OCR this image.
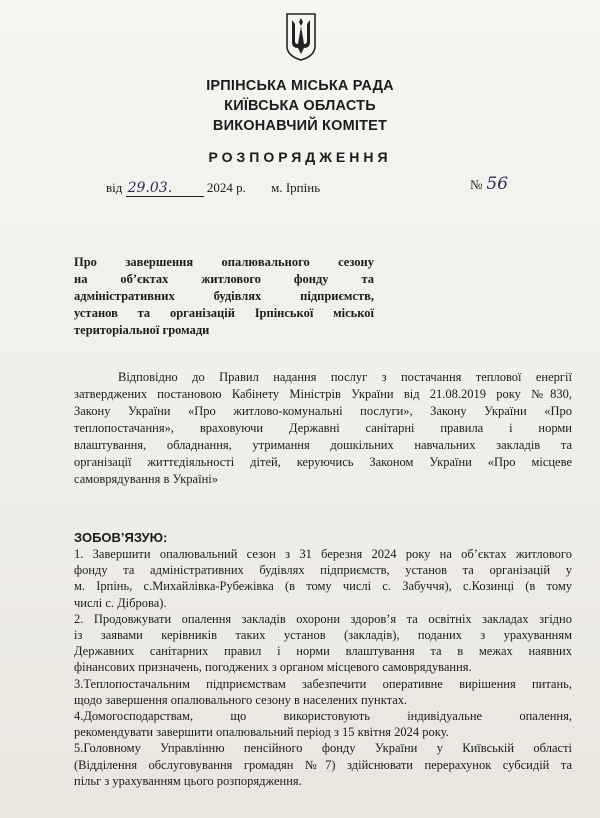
ІРПІНСЬКА МІСЬКА РАДА
КИЇВСЬКА ОБЛАСТЬ
ВИКОНАВЧИЙ КОМІТЕТ
РОЗПОРЯДЖЕННЯ
від 29.03.	2024 р. м. Ірпінь	№ 56
Про завершення опалювального сезону
на об’єктах житлового фонду та
адміністративних будівлях підприємств,
установ та організацій Ірпінської міської
територіальної громади
Відповідно до Правил надання послуг з постачання теплової енергії
затверджених постановою Кабінету Міністрів України від 21.08.2019 року №830,
Закону України «Про житлово-комунальні послуги», Закону України «Про
теплопостачання», враховуючи Державні санітарні правила і норми
влаштування, обладнання, утримання дошкільних навчальних закладів та
організації життєдіяльності дітей, керуючись Законом України «Про місцеве
самоврядування в Україні»
ЗОБОВ’ЯЗУЮ:
1. Завершити опалювальний сезон з 31 березня 2024 року на об’єктах житлового
фонду та адміністративних будівлях підприємств, установ та організацій у
м. Ірпінь, с.Михайлівка-Рубежівка (в тому числі с. Забуччя), с.Козинці (в тому
числі с. Діброва).
2. Продовжувати опалення закладів охорони здоров’я та освітніх закладах згідно
із заявами керівників таких установ (закладів), поданих з урахуванням
Державних санітарних правил і норми влаштування та в межах наявних
фінансових призначень, погоджених з органом місцевого самоврядування.
3.Теплопостачальним підприємствам забезпечити оперативне вирішення питань,
щодо завершення опалювального сезону в населених пунктах.
4.Домогосподарствам, що використовують індивідуальне опалення,
рекомендувати завершити опалювальний період з 15 квітня 2024 року.
5.Головному Управлінню пенсійного фонду України у Київській області
(Відділення обслуговування громадян №7) здійснювати перерахунок субсидій та
пільг з урахуванням цього розпорядження.
